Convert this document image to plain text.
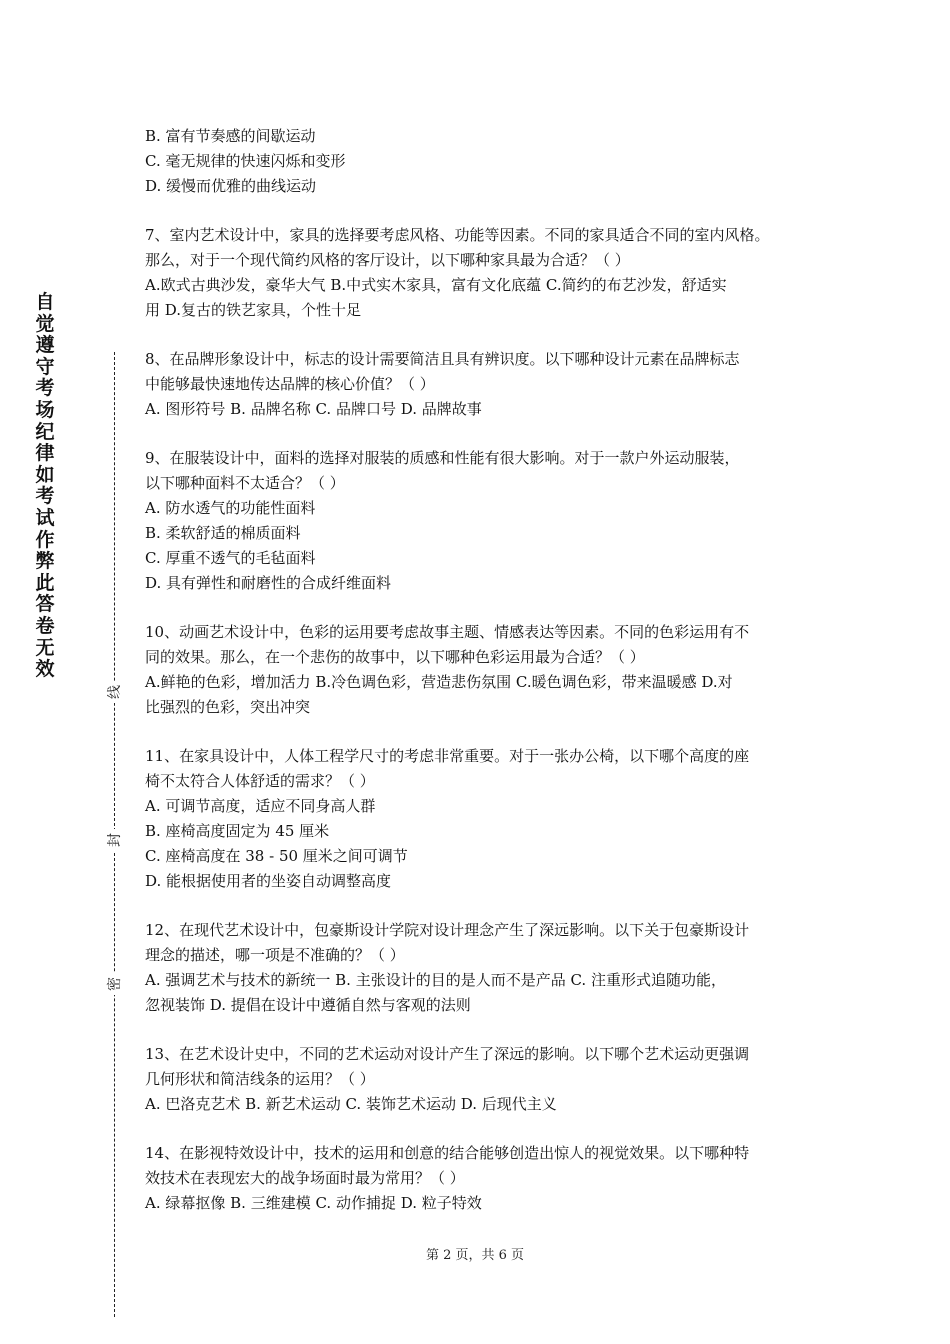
自觉遵守考场纪律如考试作弊此答卷无效
线
封
密
B. 富有节奏感的间歇运动
C. 毫无规律的快速闪烁和变形
D. 缓慢而优雅的曲线运动
7、室内艺术设计中，家具的选择要考虑风格、功能等因素。不同的家具适合不同的室内风格。
那么，对于一个现代简约风格的客厅设计，以下哪种家具最为合适？（ ）
A.欧式古典沙发，豪华大气 B.中式实木家具，富有文化底蕴 C.简约的布艺沙发，舒适实
用 D.复古的铁艺家具，个性十足
8、在品牌形象设计中，标志的设计需要简洁且具有辨识度。以下哪种设计元素在品牌标志
中能够最快速地传达品牌的核心价值？（ ）
A. 图形符号 B. 品牌名称 C. 品牌口号 D. 品牌故事
9、在服装设计中，面料的选择对服装的质感和性能有很大影响。对于一款户外运动服装，
以下哪种面料不太适合？（ ）
A. 防水透气的功能性面料
B. 柔软舒适的棉质面料
C. 厚重不透气的毛毡面料
D. 具有弹性和耐磨性的合成纤维面料
10、动画艺术设计中，色彩的运用要考虑故事主题、情感表达等因素。不同的色彩运用有不
同的效果。那么，在一个悲伤的故事中，以下哪种色彩运用最为合适？（ ）
A.鲜艳的色彩，增加活力 B.冷色调色彩，营造悲伤氛围 C.暖色调色彩，带来温暖感 D.对
比强烈的色彩，突出冲突
11、在家具设计中，人体工程学尺寸的考虑非常重要。对于一张办公椅，以下哪个高度的座
椅不太符合人体舒适的需求？（ ）
A. 可调节高度，适应不同身高人群
B. 座椅高度固定为 45 厘米
C. 座椅高度在 38 - 50 厘米之间可调节
D. 能根据使用者的坐姿自动调整高度
12、在现代艺术设计中，包豪斯设计学院对设计理念产生了深远影响。以下关于包豪斯设计
理念的描述，哪一项是不准确的？（ ）
A. 强调艺术与技术的新统一 B. 主张设计的目的是人而不是产品 C. 注重形式追随功能，
忽视装饰 D. 提倡在设计中遵循自然与客观的法则
13、在艺术设计史中，不同的艺术运动对设计产生了深远的影响。以下哪个艺术运动更强调
几何形状和简洁线条的运用？（ ）
A. 巴洛克艺术 B. 新艺术运动 C. 装饰艺术运动 D. 后现代主义
14、在影视特效设计中，技术的运用和创意的结合能够创造出惊人的视觉效果。以下哪种特
效技术在表现宏大的战争场面时最为常用？（ ）
A. 绿幕抠像 B. 三维建模 C. 动作捕捉 D. 粒子特效
第 2 页，共 6 页
